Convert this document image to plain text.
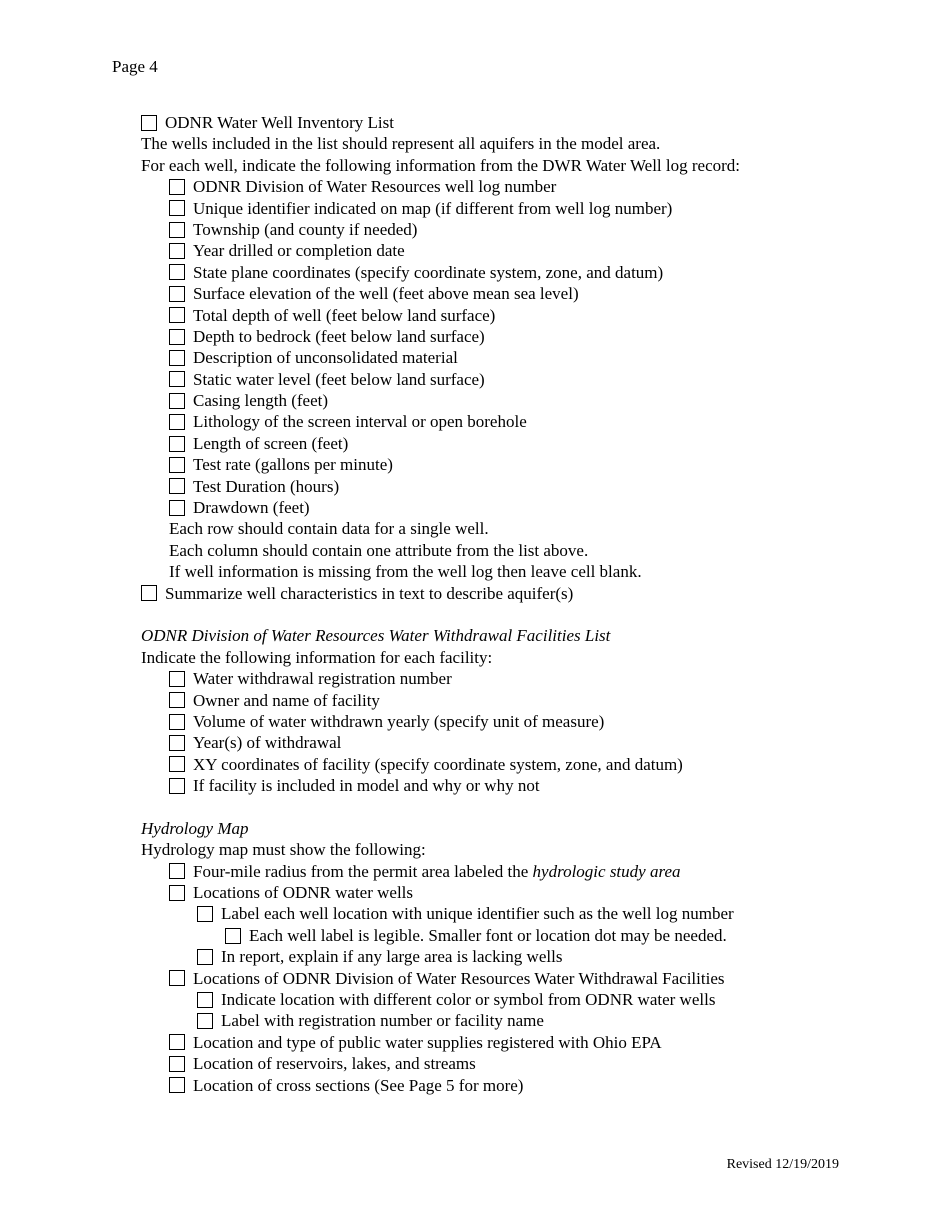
Page 4
ODNR Water Well Inventory List
The wells included in the list should represent all aquifers in the model area.
For each well, indicate the following information from the DWR Water Well log record:
ODNR Division of Water Resources well log number
Unique identifier indicated on map (if different from well log number)
Township (and county if needed)
Year drilled or completion date
State plane coordinates (specify coordinate system, zone, and datum)
Surface elevation of the well (feet above mean sea level)
Total depth of well (feet below land surface)
Depth to bedrock (feet below land surface)
Description of unconsolidated material
Static water level (feet below land surface)
Casing length (feet)
Lithology of the screen interval or open borehole
Length of screen (feet)
Test rate (gallons per minute)
Test Duration (hours)
Drawdown (feet)
Each row should contain data for a single well.
Each column should contain one attribute from the list above.
If well information is missing from the well log then leave cell blank.
Summarize well characteristics in text to describe aquifer(s)
ODNR Division of Water Resources Water Withdrawal Facilities List
Indicate the following information for each facility:
Water withdrawal registration number
Owner and name of facility
Volume of water withdrawn yearly (specify unit of measure)
Year(s) of withdrawal
XY coordinates of facility (specify coordinate system, zone, and datum)
If facility is included in model and why or why not
Hydrology Map
Hydrology map must show the following:
Four-mile radius from the permit area labeled the hydrologic study area
Locations of ODNR water wells
Label each well location with unique identifier such as the well log number
Each well label is legible. Smaller font or location dot may be needed.
In report, explain if any large area is lacking wells
Locations of ODNR Division of Water Resources Water Withdrawal Facilities
Indicate location with different color or symbol from ODNR water wells
Label with registration number or facility name
Location and type of public water supplies registered with Ohio EPA
Location of reservoirs, lakes, and streams
Location of cross sections (See Page 5 for more)
Revised 12/19/2019
